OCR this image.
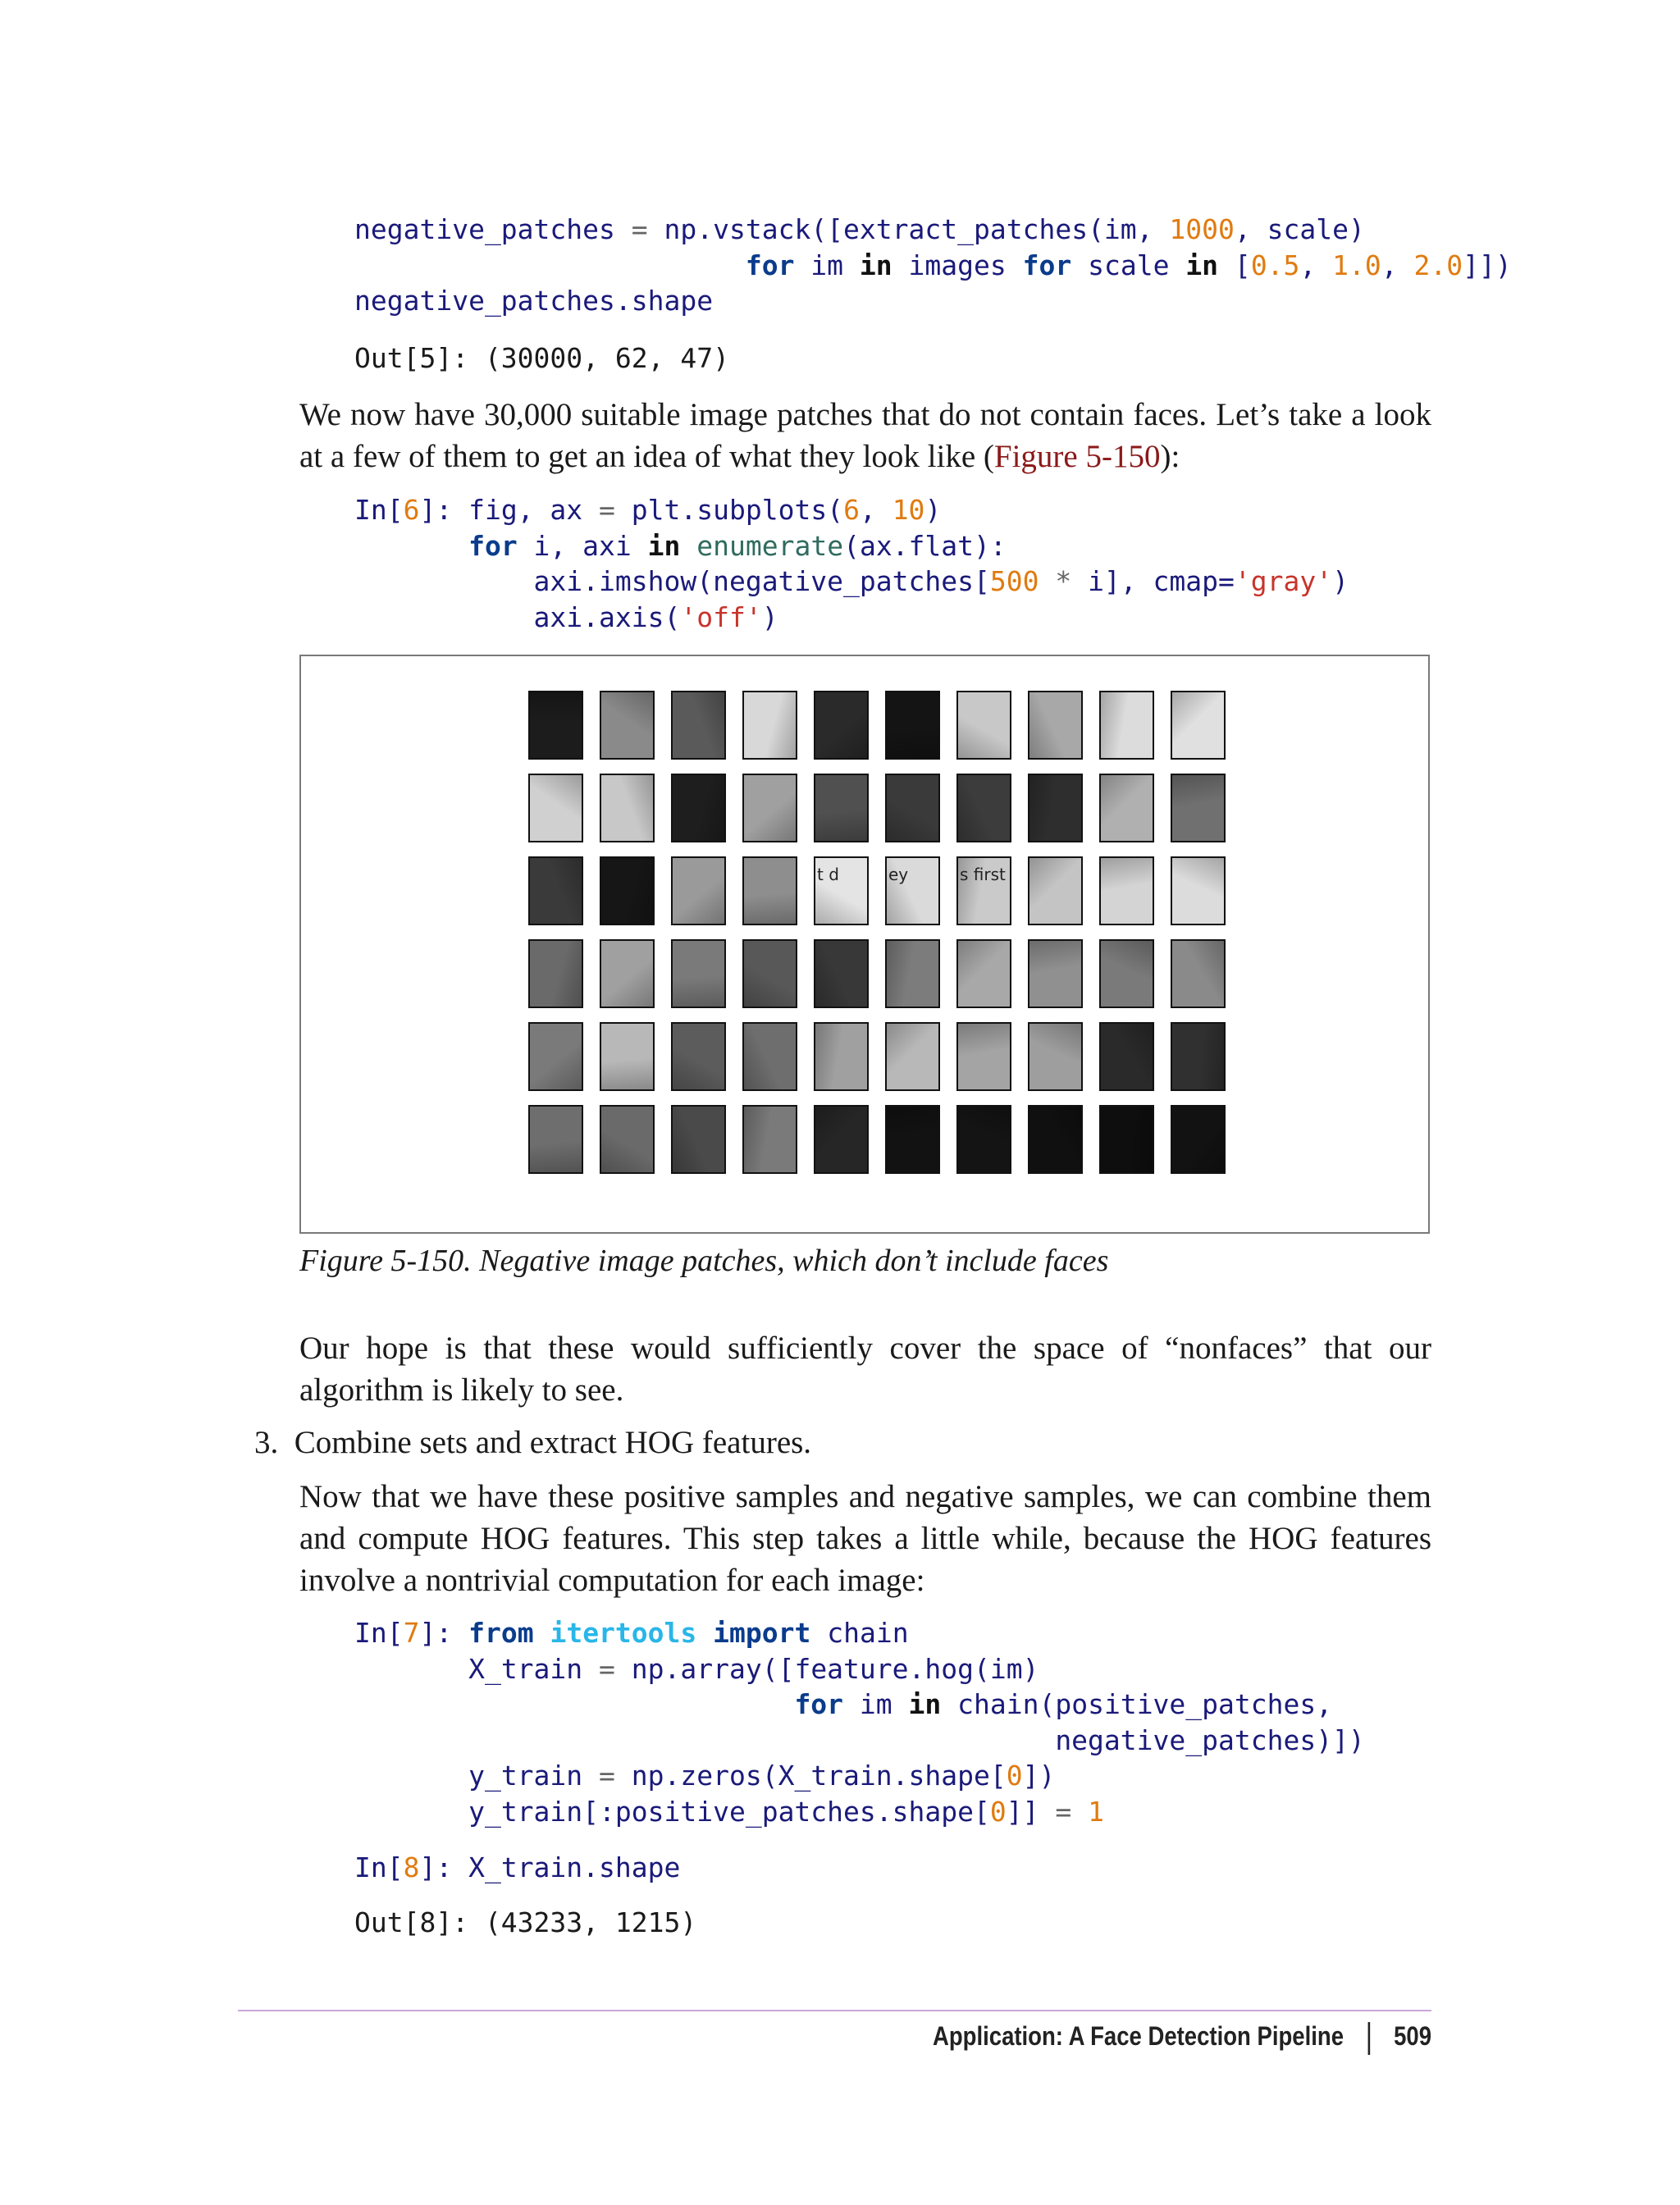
negative_patches = np.vstack([extract_patches(im, 1000, scale)
for im in images for scale in [0.5, 1.0, 2.0]])
negative_patches.shape
Out[5]: (30000, 62, 47)

We now have 30,000 suitable image patches that do not contain faces. Let’s take a look at a few of them to get an idea of what they look like (Figure 5-150):

In[6]: fig, ax = plt.subplots(6, 10)
for i, axi in enumerate(ax.flat):
axi.imshow(negative_patches[500 * i], cmap='gray')
axi.axis('off')
t d	ey	s first

Figure 5-150. Negative image patches, which don’t include faces

Our hope is that these would sufficiently cover the space of “nonfaces” that our algorithm is likely to see.

3. Combine sets and extract HOG features.

Now that we have these positive samples and negative samples, we can combine them and compute HOG features. This step takes a little while, because the HOG features involve a nontrivial computation for each image:

In[7]: from itertools import chain
X_train = np.array([feature.hog(im)
for im in chain(positive_patches,
negative_patches)])
y_train = np.zeros(X_train.shape[0])
y_train[:positive_patches.shape[0]] = 1
In[8]: X_train.shape
Out[8]: (43233, 1215)

Application: A Face Detection Pipeline 509
